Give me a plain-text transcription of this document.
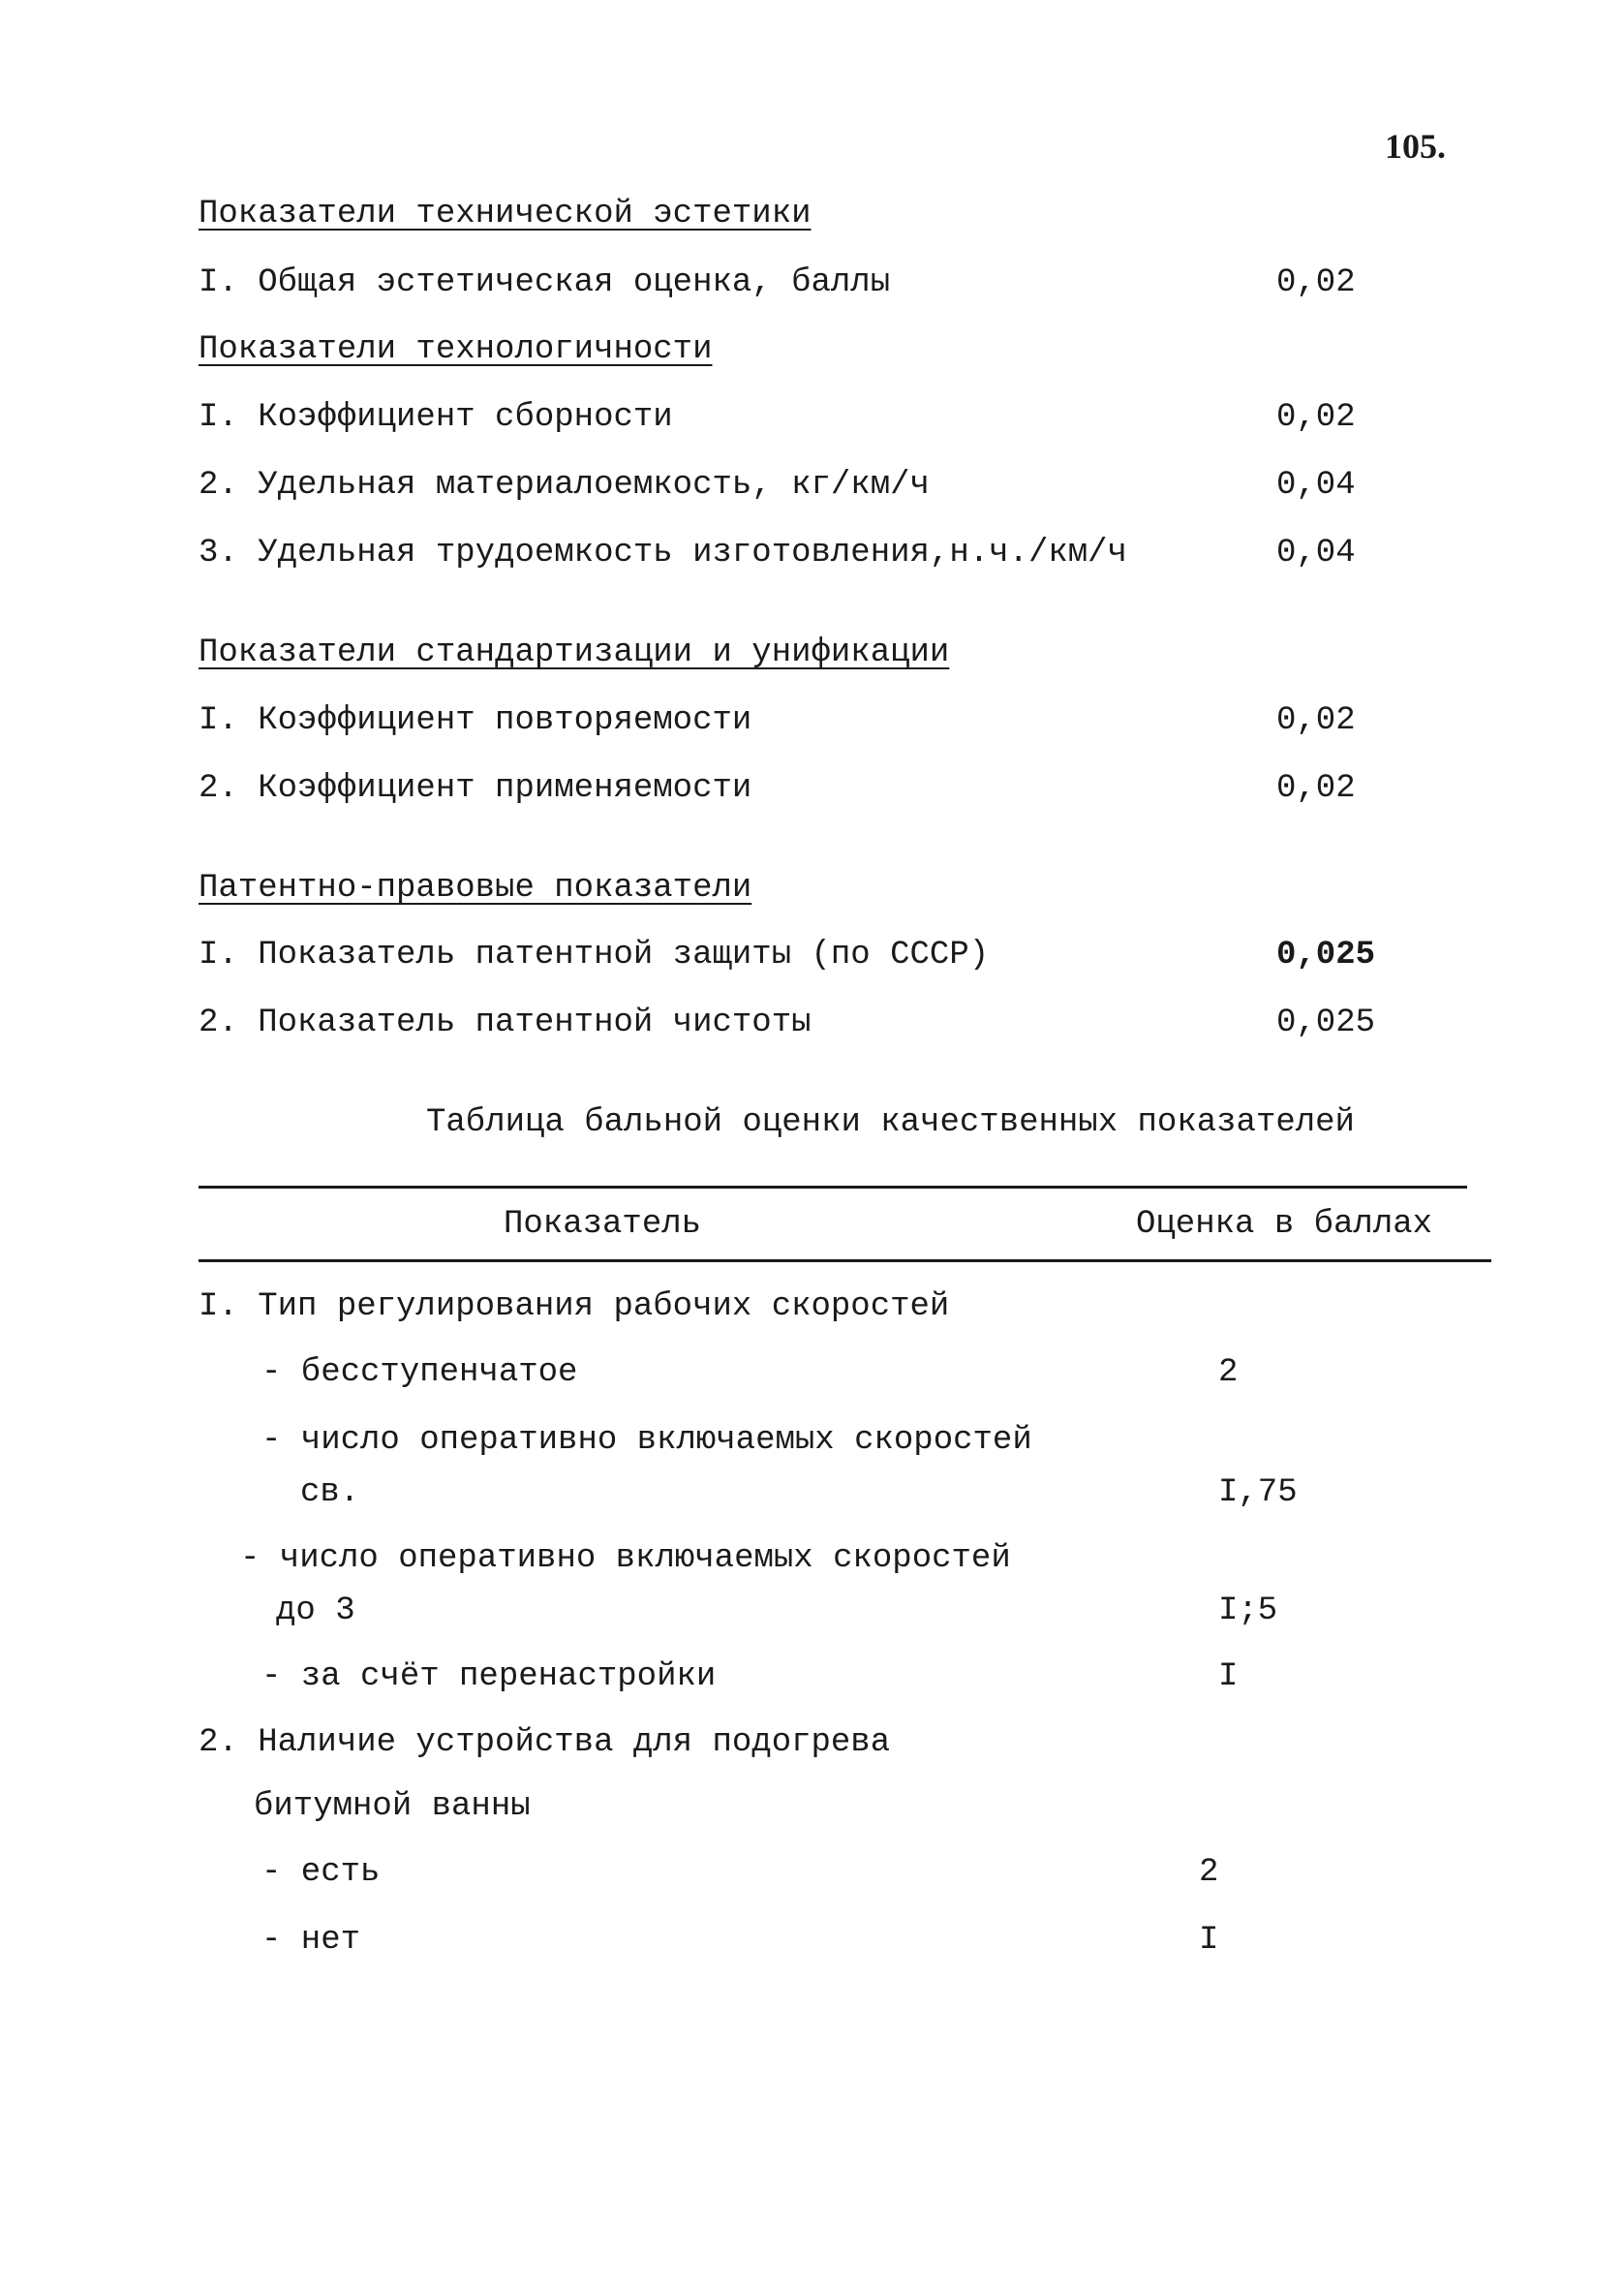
105.
Показатели технической эстетики
I. Общая эстетическая оценка, баллы	0,02
Показатели технологичности
I. Коэффициент сборности	0,02
2. Удельная материалоемкость, кг/км/ч	0,04
3. Удельная трудоемкость изготовления,н.ч./км/ч	0,04
Показатели стандартизации и унификации
I. Коэффициент повторяемости	0,02
2. Коэффициент применяемости	0,02
Патентно-правовые показатели
I. Показатель патентной защиты (по СССР)	0,025
2. Показатель патентной чистоты	0,025
Таблица бальной оценки качественных показателей
Показатель	Оценка в баллах
I. Тип регулирования рабочих скоростей
- бесступенчатое	2
- число оперативно включаемых скоростей
св.	I,75
- число оперативно включаемых скоростей
до 3	I;5
- за счёт перенастройки	I
2. Наличие устройства для подогрева
битумной ванны
- есть	2
- нет	I
